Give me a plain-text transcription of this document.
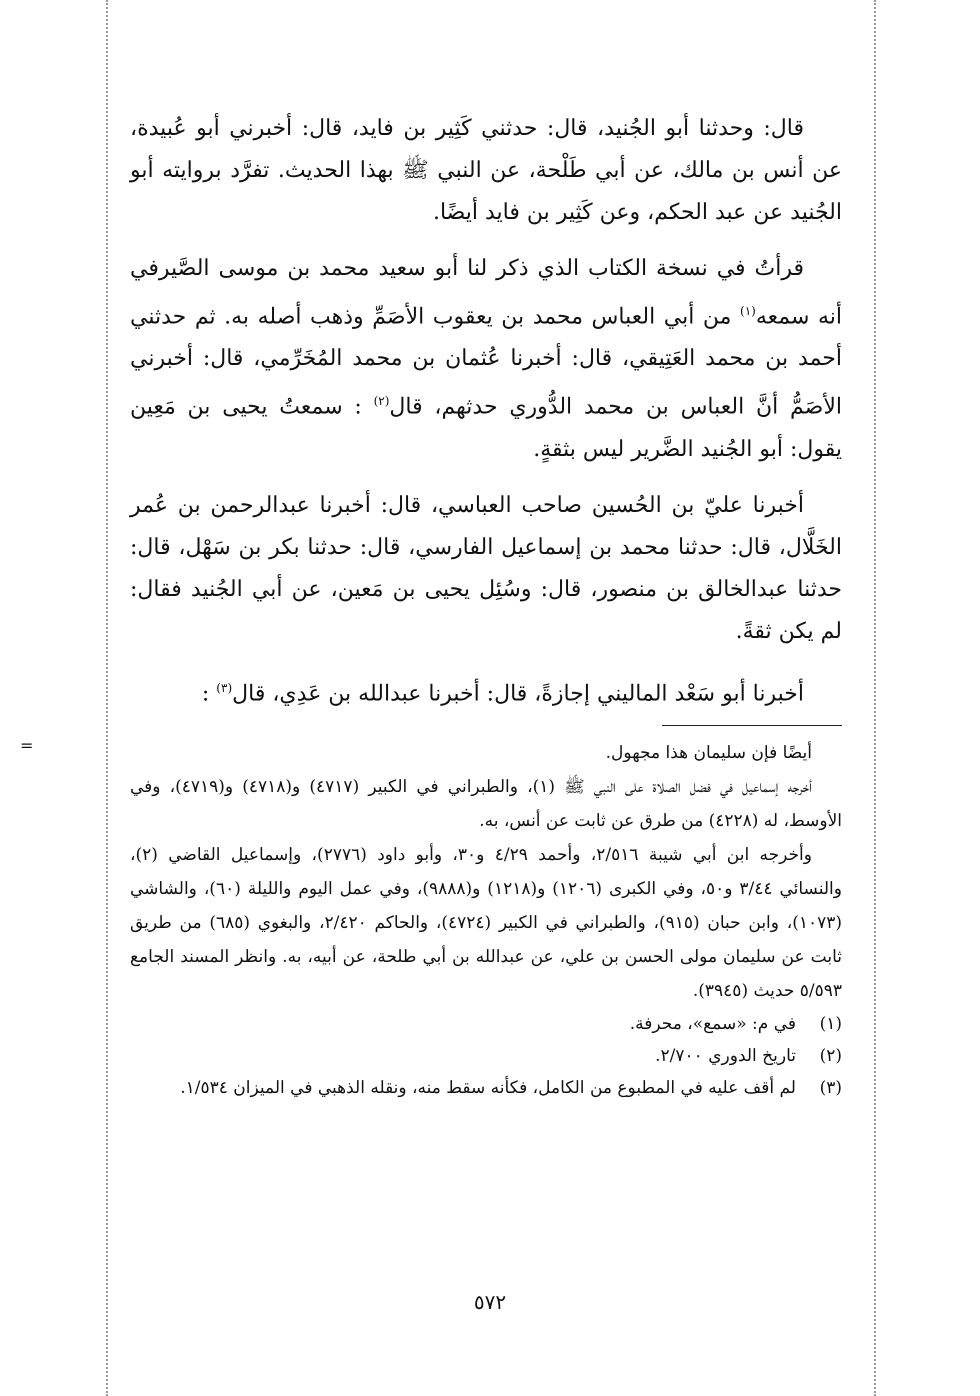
قال: وحدثنا أبو الجُنيد، قال: حدثني كَثِير بن فايد، قال: أخبرني أبو عُبيدة، عن أنس بن مالك، عن أبي طَلْحة، عن النبي ﷺ بهذا الحديث. تفرَّد بروايته أبو الجُنيد عن عبد الحكم، وعن كَثِير بن فايد أيضًا.

قرأتُ في نسخة الكتاب الذي ذكر لنا أبو سعيد محمد بن موسى الصَّيرفي أنه سمعه$^{(١)}$ من أبي العباس محمد بن يعقوب الأصَمِّ وذهب أصله به. ثم حدثني أحمد بن محمد العَتِيقي، قال: أخبرنا عُثمان بن محمد المُخَرِّمي، قال: أخبرني الأصَمُّ أنَّ العباس بن محمد الدُّوري حدثهم، قال$^{(٢)}$ : سمعتُ يحيى بن مَعِين يقول: أبو الجُنيد الضَّرير ليس بثقةٍ.

أخبرنا عليّ بن الحُسين صاحب العباسي، قال: أخبرنا عبدالرحمن بن عُمر الخَلَّال، قال: حدثنا محمد بن إسماعيل الفارسي، قال: حدثنا بكر بن سَهْل، قال: حدثنا عبدالخالق بن منصور، قال: وسُئِل يحيى بن مَعين، عن أبي الجُنيد فقال: لم يكن ثقةً.

أخبرنا أبو سَعْد الماليني إجازةً، قال: أخبرنا عبدالله بن عَدِي، قال$^{(٣)}$ :

=	أيضًا فإن سليمان هذا مجهول.

أخرجه إسماعيل في فضل الصلاة على النبي ﷺ (١)، والطبراني في الكبير (٤٧١٧) و(٤٧١٨) و(٤٧١٩)، وفي الأوسط، له (٤٢٢٨) من طرق عن ثابت عن أنس، به.

وأخرجه ابن أبي شيبة ٢/٥١٦، وأحمد ٤/٢٩ و٣٠، وأبو داود (٢٧٧٦)، وإسماعيل القاضي (٢)، والنسائي ٣/٤٤ و٥٠، وفي الكبرى (١٢٠٦) و(١٢١٨) و(٩٨٨٨)، وفي عمل اليوم والليلة (٦٠)، والشاشي (١٠٧٣)، وابن حبان (٩١٥)، والطبراني في الكبير (٤٧٢٤)، والحاكم ٢/٤٢٠، والبغوي (٦٨٥) من طريق ثابت عن سليمان مولى الحسن بن علي، عن عبدالله بن أبي طلحة، عن أبيه، به. وانظر المسند الجامع ٥/٥٩٣ حديث (٣٩٤٥).

(١)
في م: «سمع»، محرفة.
(٢)
تاريخ الدوري ٢/٧٠٠.
(٣)
لم أقف عليه في المطبوع من الكامل، فكأنه سقط منه، ونقله الذهبي في الميزان ١/٥٣٤.
٥٧٢
